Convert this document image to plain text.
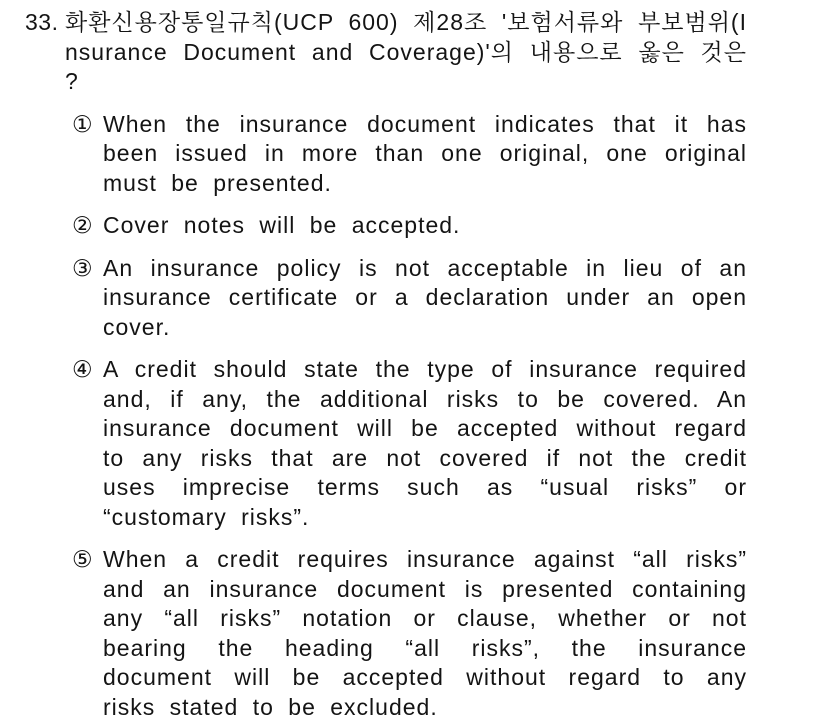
33. 화환신용장통일규칙(UCP 600) 제28조 '보험서류와 부보범위(Insurance Document and Coverage)'의 내용으로 옳은 것은?
① When the insurance document indicates that it has been issued in more than one original, one original must be presented.
② Cover notes will be accepted.
③ An insurance policy is not acceptable in lieu of an insurance certificate or a declaration under an open cover.
④ A credit should state the type of insurance required and, if any, the additional risks to be covered. An insurance document will be accepted without regard to any risks that are not covered if not the credit uses imprecise terms such as “usual risks” or “customary risks”.
⑤ When a credit requires insurance against “all risks” and an insurance document is presented containing any “all risks” notation or clause, whether or not bearing the heading “all risks”, the insurance document will be accepted without regard to any risks stated to be excluded.
